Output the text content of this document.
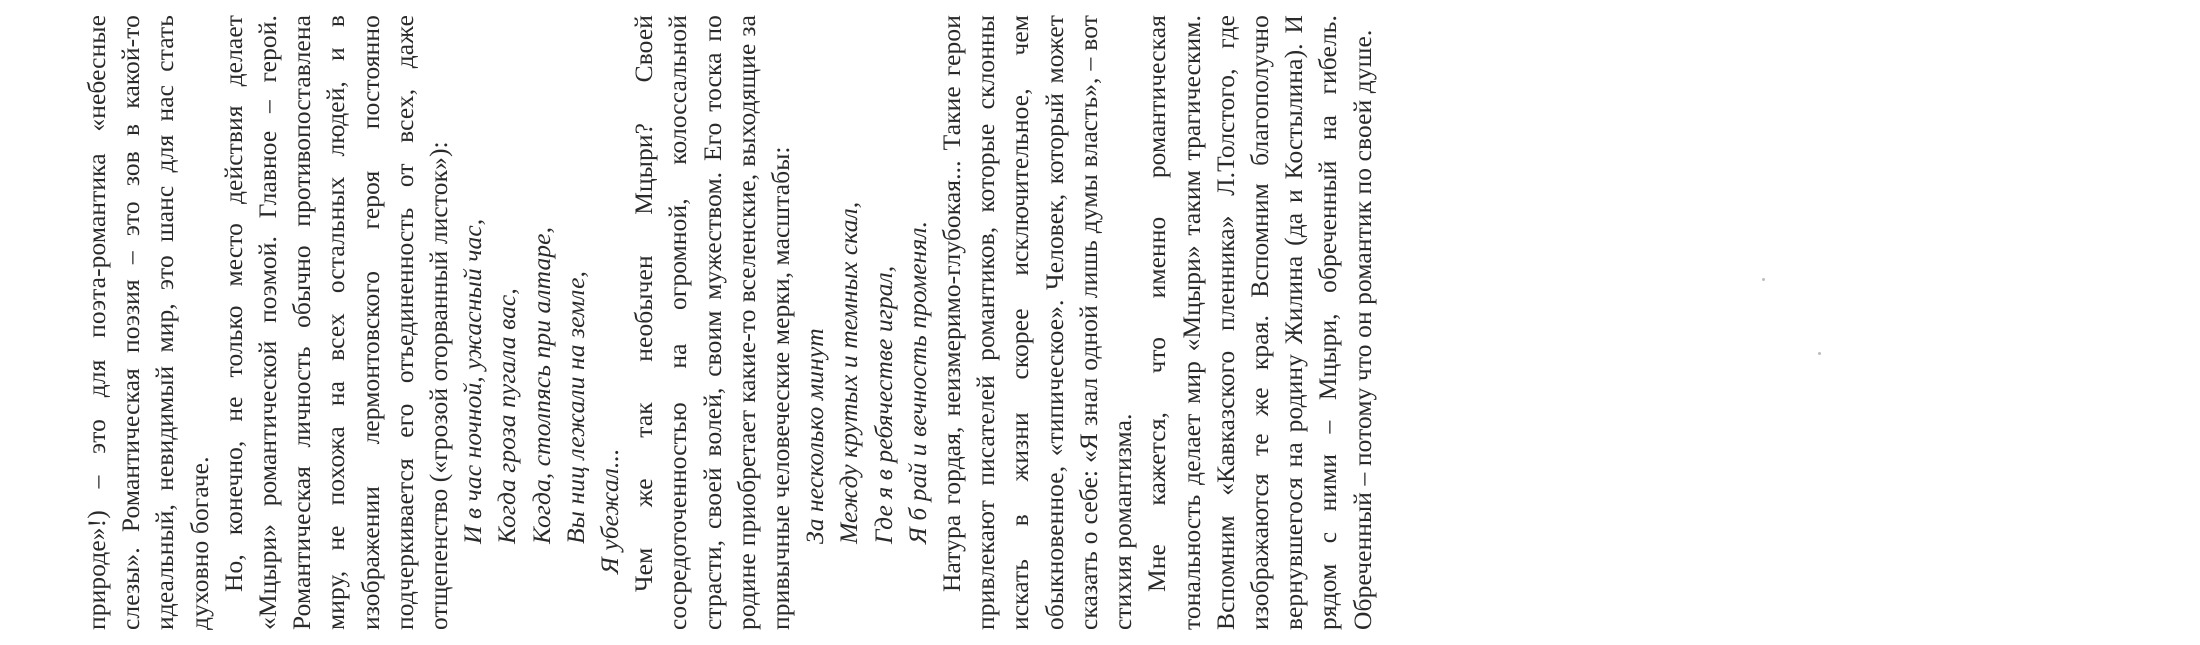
природе»!) – это для поэта-романтика «небесные слезы». Романтическая поэзия – это зов в какой-то идеальный, невидимый мир, это шанс для нас стать духовно богаче. Но, конечно, не только место действия делает «Мцыри» романтической поэмой. Главное – герой. Романтическая личность обычно противопоставлена миру, не похожа на всех остальных людей, и в изображении лермонтовского героя постоянно подчеркивается его отъединенность от всех, даже отщепенство («грозой оторванный листок»): И в час ночной, ужасный час, Когда гроза пугала вас, Когда, столпясь при алтаре, Вы ниц лежали на земле, Я убежал... Чем же так необычен Мцыри? Своей сосредоточенностью на огромной, колоссальной страсти, своей волей, своим мужеством. Его тоска по родине приобретает какие-то вселенские, выходящие за привычные человеческие мерки, масштабы: За несколько минут Между крутых и темных скал, Где я в ребячестве играл, Я б рай и вечность променял. Натура гордая, неизмеримо-глубокая... Такие герои привлекают писателей романтиков, которые склонны искать в жизни скорее исключительное, чем обыкновенное, «типическое». Человек, который может сказать о себе: «Я знал одной лишь думы власть», – вот стихия романтизма. Мне кажется, что именно романтическая тональность делает мир «Мцыри» таким трагическим. Вспомним «Кавказского пленника» Л.Толстого, где изображаются те же края. Вспомним благополучно вернувшегося на родину Жилина (да и Костылина). И рядом с ними – Мцыри, обреченный на гибель. Обреченный – потому что он романтик по своей душе.
